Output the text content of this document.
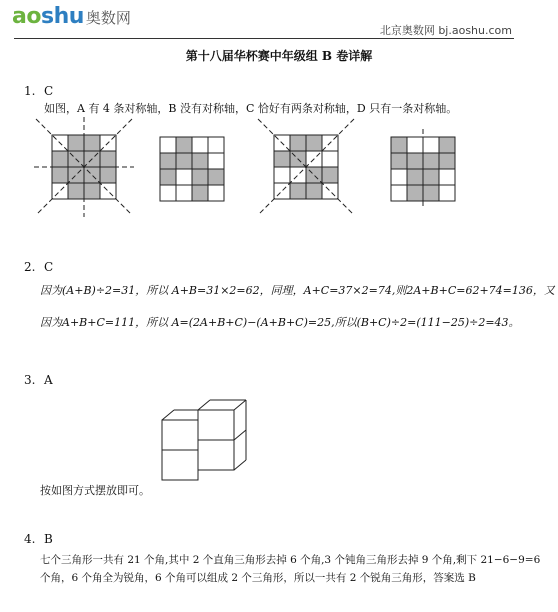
aoshu 奥数网
北京奥数网 bj.aoshu.com
第十八届华杯赛中年级组 B 卷详解
1. C
如图，A 有 4 条对称轴，B 没有对称轴，C 恰好有两条对称轴，D 只有一条对称轴。
2. C
因为(A+B)÷2=31，所以 A+B=31×2=62，同理，A+C=37×2=74,则2A+B+C=62+74=136，又
因为A+B+C=111，所以 A=(2A+B+C)−(A+B+C)=25,所以(B+C)÷2=(111−25)÷2=43。
3. A
按如图方式摆放即可。
4. B
七个三角形一共有 21 个角,其中 2 个直角三角形去掉 6 个角,3 个钝角三角形去掉 9 个角,剩下 21−6−9=6
个角，6 个角全为锐角，6 个角可以组成 2 个三角形，所以一共有 2 个锐角三角形，答案选 B
